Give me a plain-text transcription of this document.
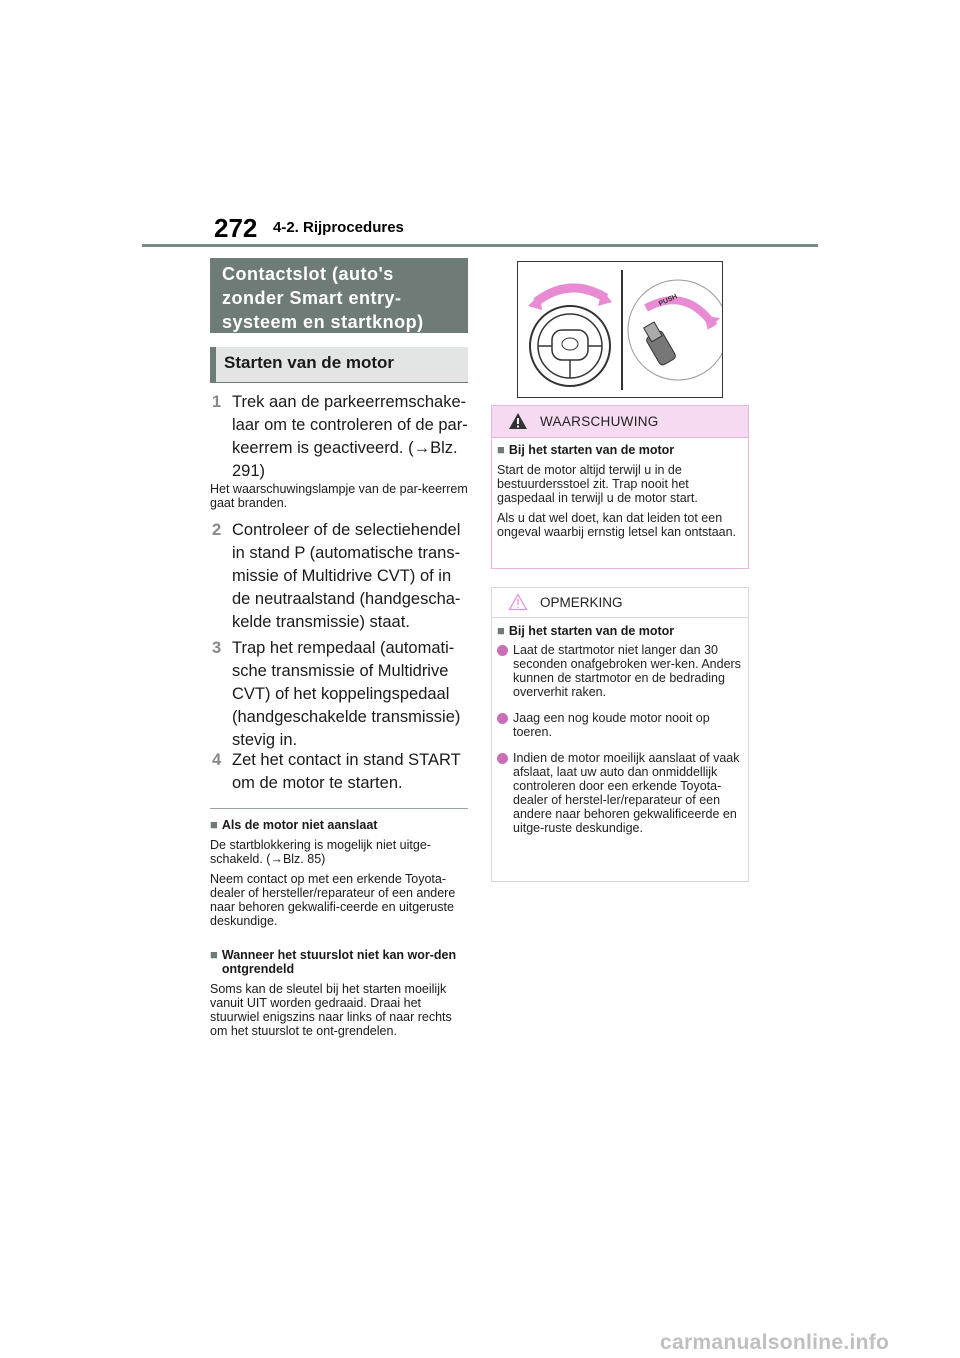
272 4-2. Rijprocedures
Contactslot (auto's zonder Smart entry-systeem en startknop)
Starten van de motor
1 Trek aan de parkeerremschake-laar om te controleren of de par-keerrem is geactiveerd. (→Blz. 291)
Het waarschuwingslampje van de par-keerrem gaat branden.
2 Controleer of de selectiehendel in stand P (automatische trans-missie of Multidrive CVT) of in de neutraalstand (handgescha-kelde transmissie) staat.
3 Trap het rempedaal (automati-sche transmissie of Multidrive CVT) of het koppelingspedaal (handgeschakelde transmissie) stevig in.
4 Zet het contact in stand START om de motor te starten.
■ Als de motor niet aanslaat
De startblokkering is mogelijk niet uitge-schakeld. (→Blz. 85)
Neem contact op met een erkende Toyota-dealer of hersteller/reparateur of een andere naar behoren gekwalifi-ceerde en uitgeruste deskundige.
■ Wanneer het stuurslot niet kan wor-den ontgrendeld
Soms kan de sleutel bij het starten moeilijk vanuit UIT worden gedraaid. Draai het stuurwiel enigszins naar links of naar rechts om het stuurslot te ont-grendelen.
PUSH
WAARSCHUWING
■ Bij het starten van de motor
Start de motor altijd terwijl u in de bestuurdersstoel zit. Trap nooit het gaspedaal in terwijl u de motor start.
Als u dat wel doet, kan dat leiden tot een ongeval waarbij ernstig letsel kan ontstaan.
OPMERKING
■ Bij het starten van de motor
Laat de startmotor niet langer dan 30 seconden onafgebroken wer-ken. Anders kunnen de startmotor en de bedrading oververhit raken.
Jaag een nog koude motor nooit op toeren.
Indien de motor moeilijk aanslaat of vaak afslaat, laat uw auto dan onmiddellijk controleren door een erkende Toyota-dealer of herstel-ler/reparateur of een andere naar behoren gekwalificeerde en uitge-ruste deskundige.
carmanualsonline.info
